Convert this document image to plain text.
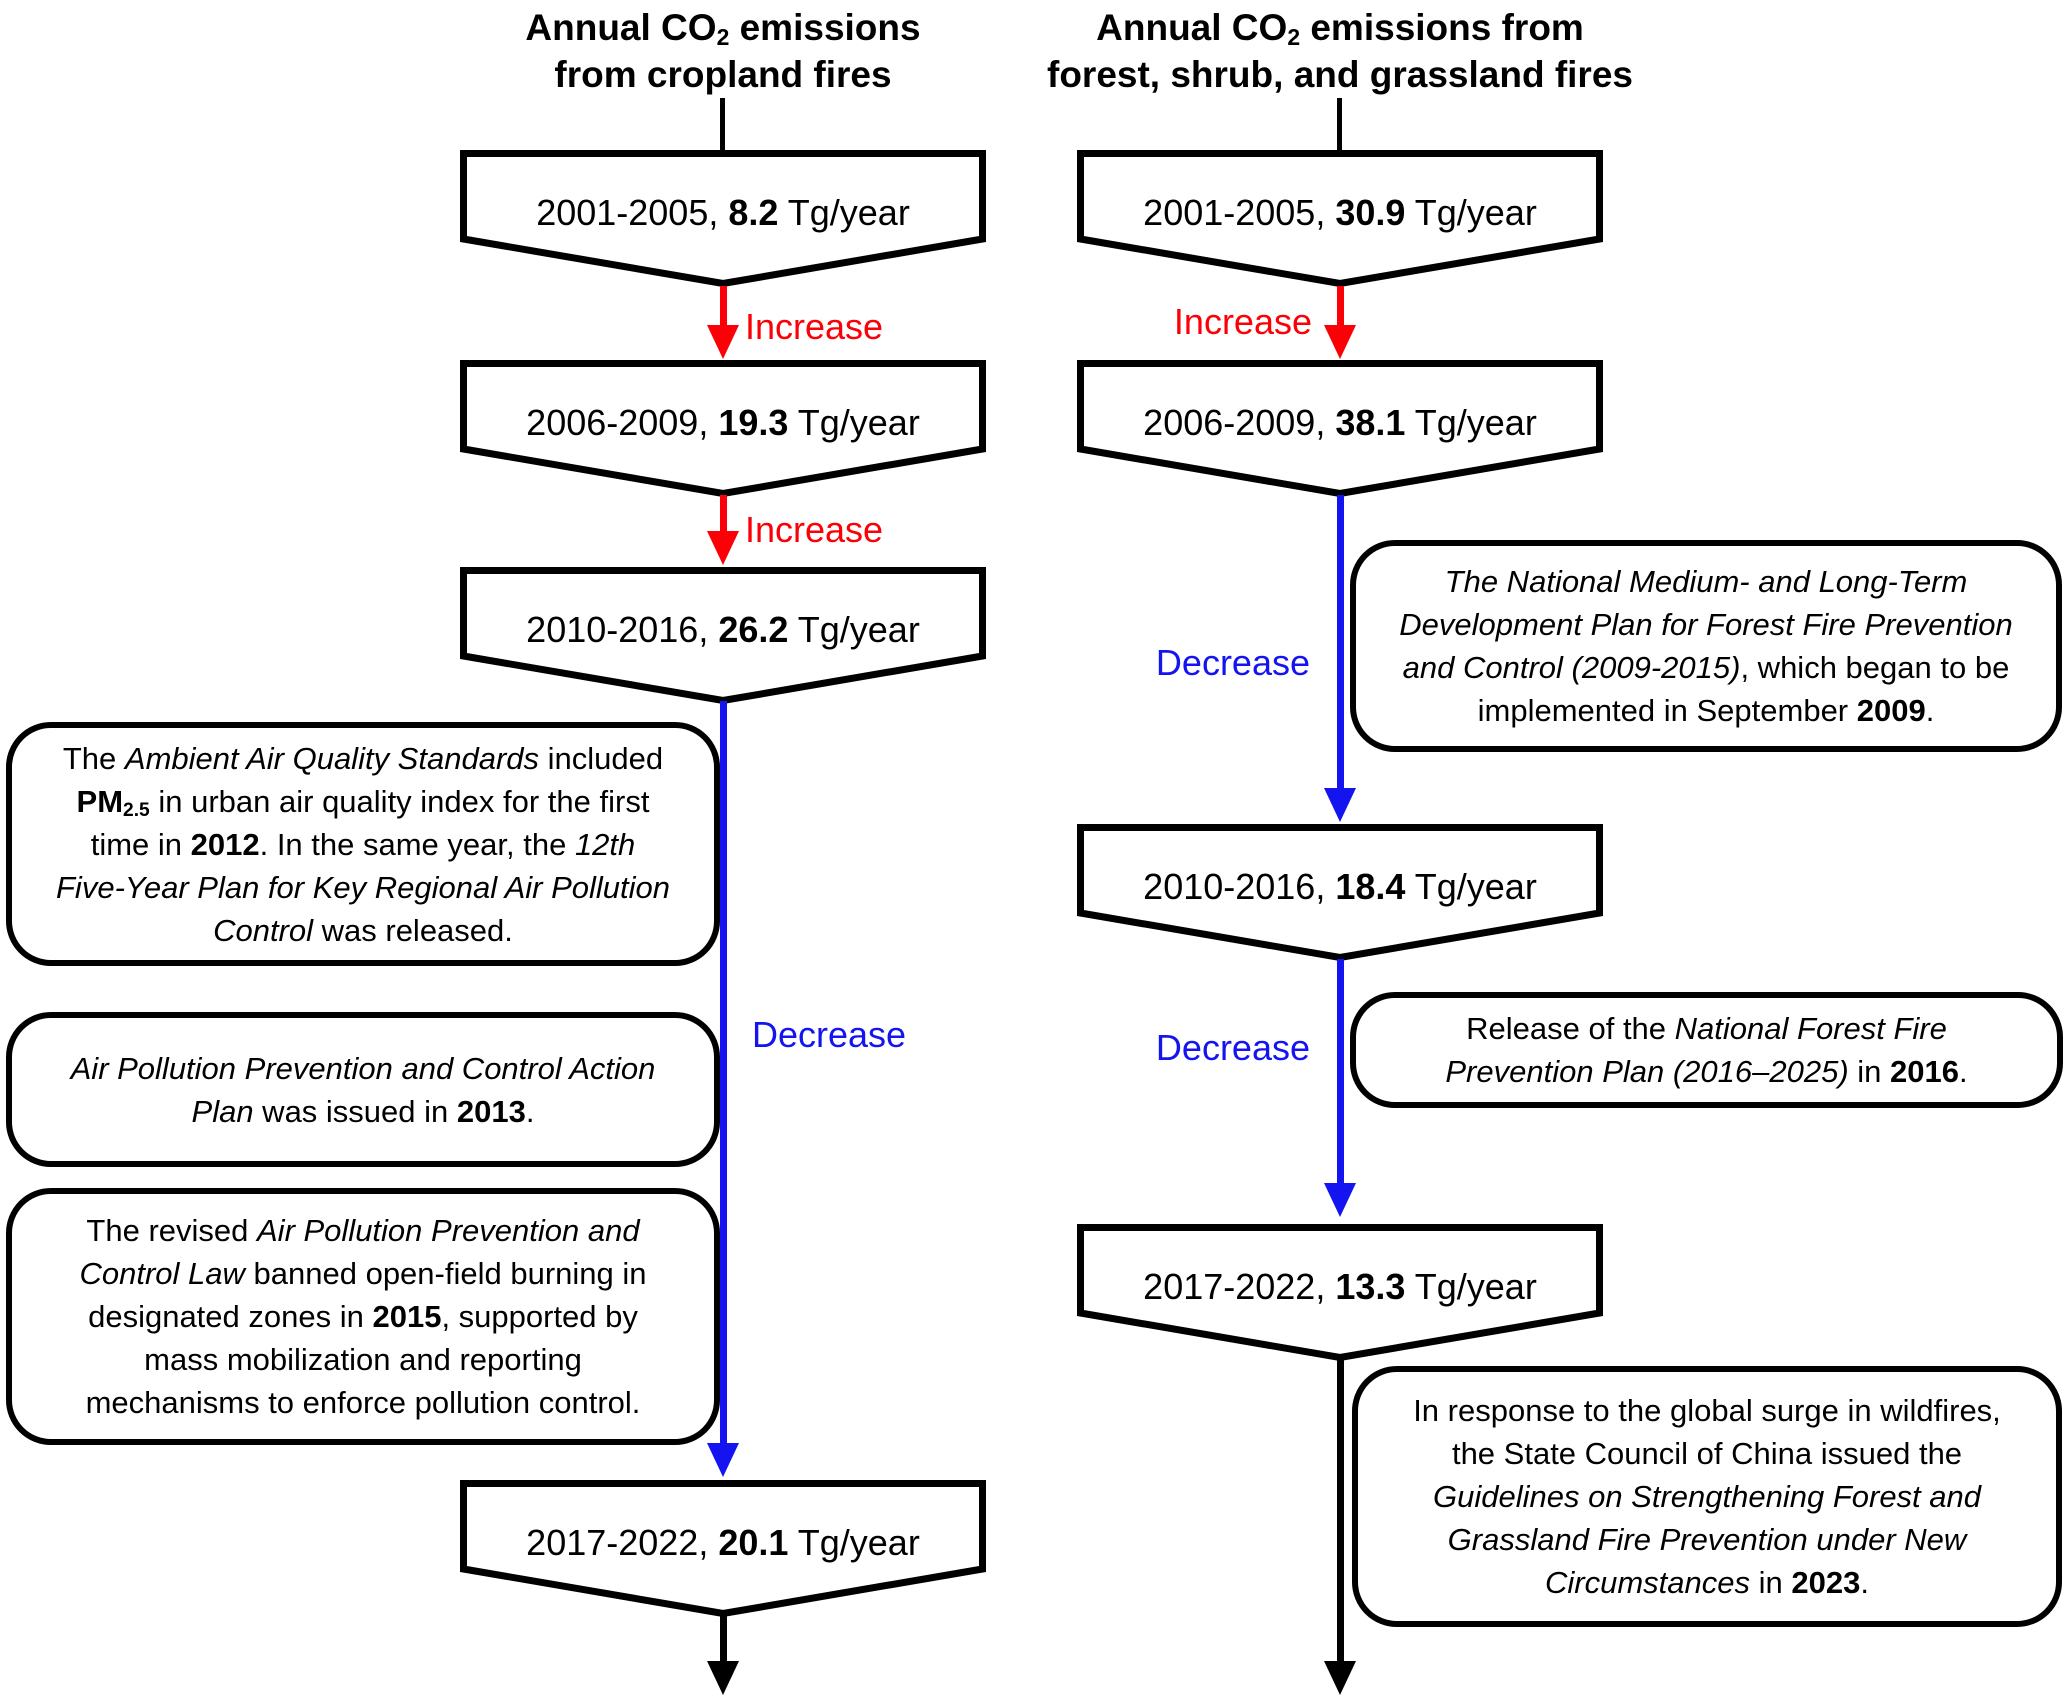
Annual $CO_2$ emissions
from cropland fires
2001-2005, 8.2 Tg/year
Increase
2006-2009, 19.3 Tg/year
Increase
2010-2016, 26.2 Tg/year
Decrease
The Ambient Air Quality Standards included
$PM_{2.5}$ in urban air quality index for the first
time in 2012. In the same year, the 12th
Five-Year Plan for Key Regional Air Pollution
Control was released.
Air Pollution Prevention and Control Action
Plan was issued in 2013.
The revised Air Pollution Prevention and
Control Law banned open-field burning in
designated zones in 2015, supported by
mass mobilization and reporting
mechanisms to enforce pollution control.
2017-2022, 20.1 Tg/year
Annual $CO_2$ emissions from
forest, shrub, and grassland fires
2001-2005, 30.9 Tg/year
Increase
2006-2009, 38.1 Tg/year
Decrease
The National Medium- and Long-Term
Development Plan for Forest Fire Prevention
and Control (2009-2015), which began to be
implemented in September 2009.
2010-2016, 18.4 Tg/year
Decrease	Release of the National Forest Fire
Prevention Plan (2016–2025) in 2016.
2017-2022, 13.3 Tg/year
In response to the global surge in wildfires,
the State Council of China issued the
Guidelines on Strengthening Forest and
Grassland Fire Prevention under New
Circumstances in 2023.
